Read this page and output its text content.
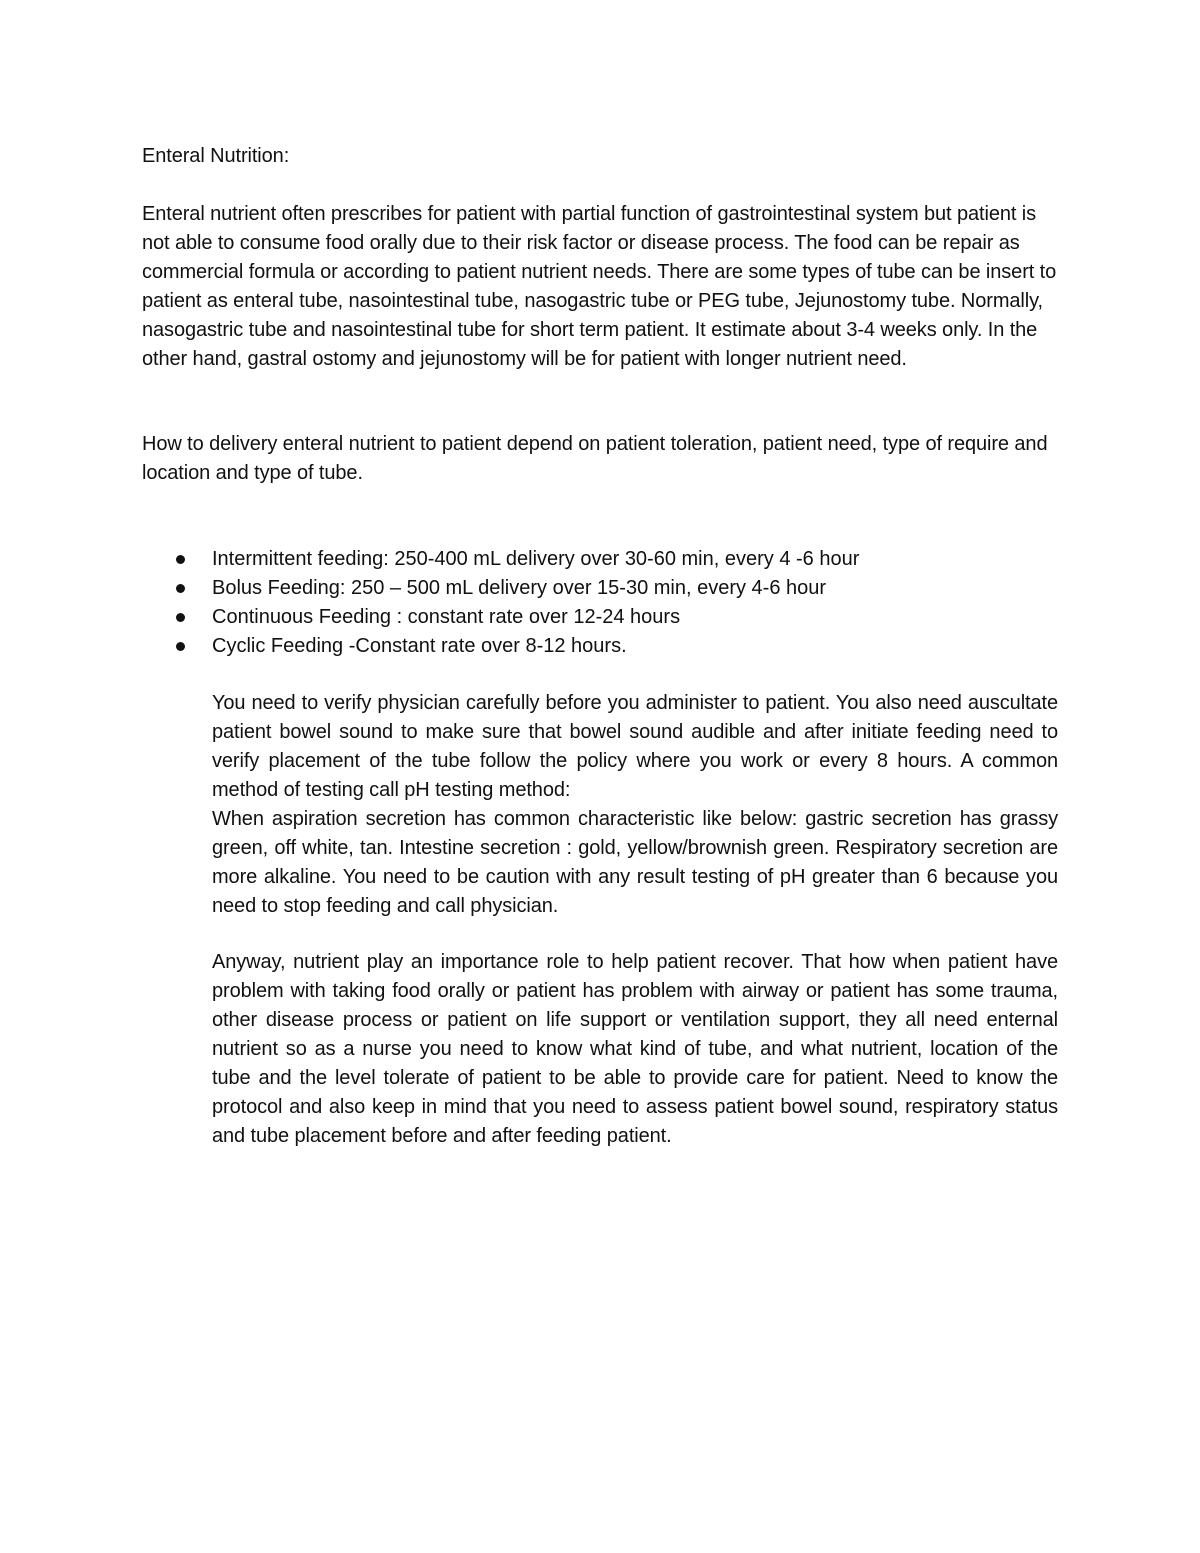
Enteral Nutrition:

Enteral nutrient often prescribes for patient with partial function of gastrointestinal system but patient is not able to consume food orally due to their risk factor or disease process. The food can be repair as commercial formula or according to patient nutrient needs. There are some types of tube can be insert to patient as enteral tube, nasointestinal tube, nasogastric tube or PEG tube, Jejunostomy tube. Normally, nasogastric tube and nasointestinal tube for short term patient. It estimate about 3-4 weeks only. In the other hand, gastral ostomy and jejunostomy will be for patient with longer nutrient need.

How to delivery enteral nutrient to patient depend on patient toleration, patient need, type of require and location and type of tube.

Intermittent feeding: 250-400 mL delivery over 30-60 min, every 4 -6 hour
Bolus Feeding: 250 – 500 mL delivery over 15-30 min, every 4-6 hour
Continuous Feeding : constant rate over 12-24 hours
Cyclic Feeding -Constant rate over 8-12 hours.

You need to verify physician carefully before you administer to patient. You also need auscultate patient bowel sound to make sure that bowel sound audible and after initiate feeding need to verify placement of the tube follow the policy where you work or every 8 hours. A common method of testing call pH testing method:

When aspiration secretion has common characteristic like below: gastric secretion has grassy green, off white, tan. Intestine secretion : gold, yellow/brownish green. Respiratory secretion are more alkaline. You need to be caution with any result testing of pH greater than 6 because you need to stop feeding and call physician.

Anyway, nutrient play an importance role to help patient recover. That how when patient have problem with taking food orally or patient has problem with airway or patient has some trauma, other disease process or patient on life support or ventilation support, they all need enternal nutrient so as a nurse you need to know what kind of tube, and what nutrient, location of the tube and the level tolerate of patient to be able to provide care for patient. Need to know the protocol and also keep in mind that you need to assess patient bowel sound, respiratory status and tube placement before and after feeding patient.
